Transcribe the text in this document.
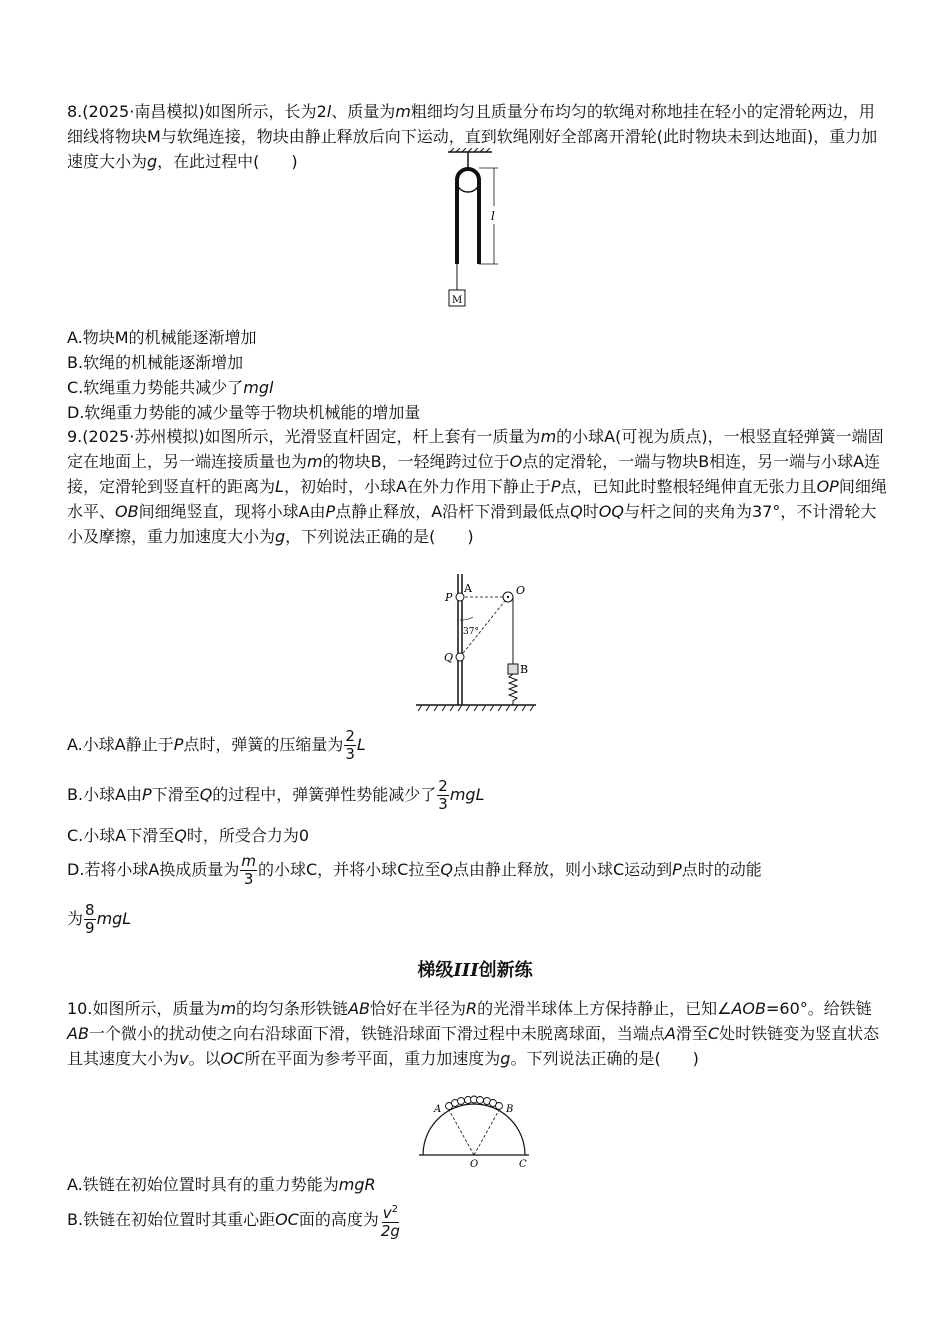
8.(2025·南昌模拟)如图所示，长为2l、质量为m粗细均匀且质量分布均匀的软绳对称地挂在轻小的定滑轮两边，用细线将物块M与软绳连接，物块由静止释放后向下运动，直到软绳刚好全部离开滑轮(此时物块未到达地面)，重力加速度大小为g，在此过程中(　　)
l
M
A.物块M的机械能逐渐增加
B.软绳的机械能逐渐增加
C.软绳重力势能共减少了mgl
D.软绳重力势能的减少量等于物块机械能的增加量
9.(2025·苏州模拟)如图所示，光滑竖直杆固定，杆上套有一质量为m的小球A(可视为质点)，一根竖直轻弹簧一端固定在地面上，另一端连接质量也为m的物块B，一轻绳跨过位于O点的定滑轮，一端与物块B相连，另一端与小球A连接，定滑轮到竖直杆的距离为L，初始时，小球A在外力作用下静止于P点，已知此时整根轻绳伸直无张力且OP间细绳水平、OB间细绳竖直，现将小球A由P点静止释放，A沿杆下滑到最低点Q时OQ与杆之间的夹角为37°，不计滑轮大小及摩擦，重力加速度大小为g，下列说法正确的是(　　)
P
A	O
37°
Q
B
A.小球A静止于P点时，弹簧的压缩量为 $\frac{2}{3}$ L
B.小球A由P下滑至Q的过程中，弹簧弹性势能减少了 $\frac{2}{3}$ mgL
C.小球A下滑至Q时，所受合力为0
D.若将小球A换成质量为 $\frac{m}{3}$ 的小球C，并将小球C拉至Q点由静止释放，则小球C运动到P点时的动能
为 $\frac{8}{9}$ mgL
梯级III创新练
10.如图所示，质量为m的均匀条形铁链AB恰好在半径为R的光滑半球体上方保持静止，已知∠AOB=60°。给铁链AB一个微小的扰动使之向右沿球面下滑，铁链沿球面下滑过程中未脱离球面，当端点A滑至C处时铁链变为竖直状态且其速度大小为v。以OC所在平面为参考平面，重力加速度为g。下列说法正确的是(　　)
A	B
O	C
A.铁链在初始位置时具有的重力势能为mgR
B.铁链在初始位置时其重心距OC面的高度为 $\frac{v^2}{2g}$
